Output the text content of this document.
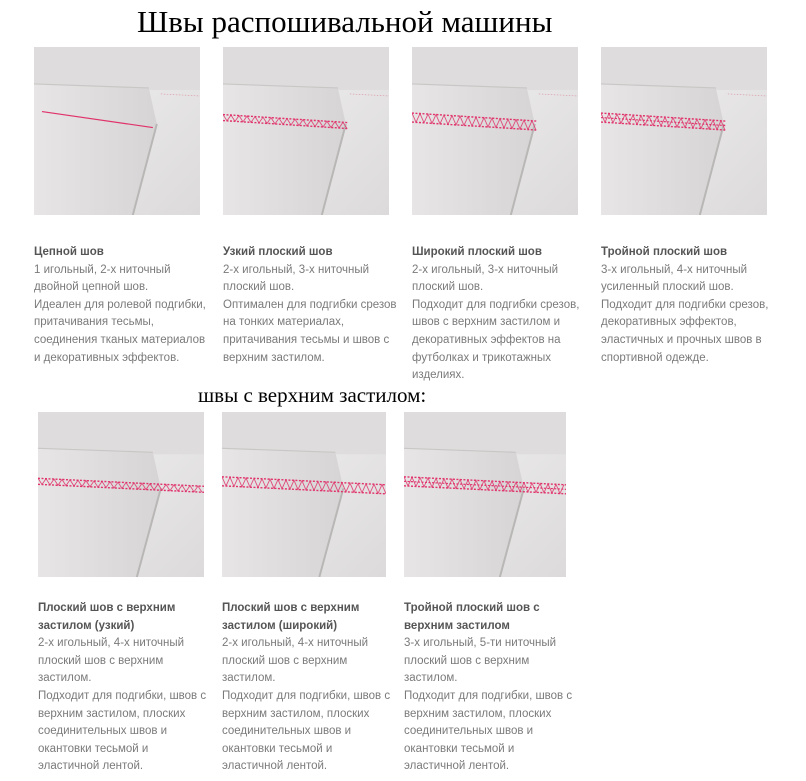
Швы распошивальной машины
швы с верхним застилом:

Цепной шов

1 игольный, 2-х ниточный

двойной цепной шов.

Идеален для ролевой подгибки,

притачивания тесьмы,

соединения тканых материалов

и декоративных эффектов.

Узкий плоский шов

2-х игольный, 3-х ниточный

плоский шов.

Оптимален для подгибки срезов

на тонких материалах,

притачивания тесьмы и швов с

верхним застилом.

Широкий плоский шов

2-х игольный, 3-х ниточный

плоский шов.

Подходит для подгибки срезов,

швов с верхним застилом и

декоративных эффектов на

футболках и трикотажных

изделиях.

Тройной плоский шов

3-х игольный, 4-х ниточный

усиленный плоский шов.

Подходит для подгибки срезов,

декоративных эффектов,

эластичных и прочных швов в

спортивной одежде.

Плоский шов с верхним

застилом (узкий)

2-х игольный, 4-х ниточный

плоский шов с верхним

застилом.

Подходит для подгибки, швов с

верхним застилом, плоских

соединительных швов и

окантовки тесьмой и

эластичной лентой.

Плоский шов с верхним

застилом (широкий)

2-х игольный, 4-х ниточный

плоский шов с верхним

застилом.

Подходит для подгибки, швов с

верхним застилом, плоских

соединительных швов и

окантовки тесьмой и

эластичной лентой.

Тройной плоский шов с

верхним застилом

3-х игольный, 5-ти ниточный

плоский шов с верхним

застилом.

Подходит для подгибки, швов с

верхним застилом, плоских

соединительных швов и

окантовки тесьмой и

эластичной лентой.
